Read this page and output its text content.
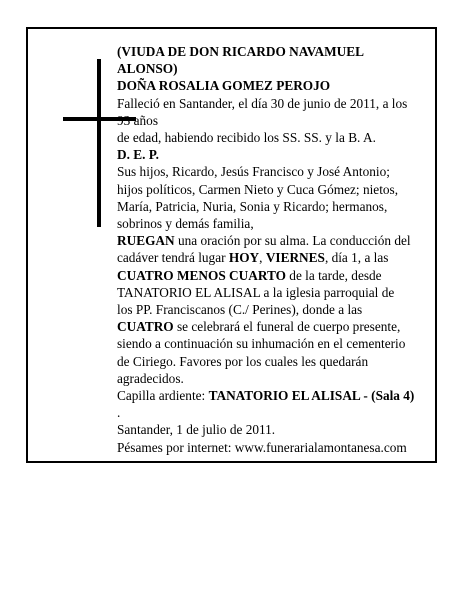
(VIUDA DE DON RICARDO NAVAMUEL
ALONSO)
DOÑA ROSALIA GOMEZ PEROJO
Falleció en Santander, el día 30 de junio de 2011, a los
93 años
de edad, habiendo recibido los SS. SS. y la B. A.
D. E. P.
Sus hijos, Ricardo, Jesús Francisco y José Antonio;
hijos políticos, Carmen Nieto y Cuca Gómez; nietos,
María, Patricia, Nuria, Sonia y Ricardo; hermanos,
sobrinos y demás familia,
RUEGAN una oración por su alma. La conducción del
cadáver tendrá lugar HOY, VIERNES, día 1, a las
CUATRO MENOS CUARTO de la tarde, desde
TANATORIO EL ALISAL a la iglesia parroquial de
los PP. Franciscanos (C./ Perines), donde a las
CUATRO se celebrará el funeral de cuerpo presente,
siendo a continuación su inhumación en el cementerio
de Ciriego. Favores por los cuales les quedarán
agradecidos.
Capilla ardiente: TANATORIO EL ALISAL - (Sala 4)
.
Santander, 1 de julio de 2011.
Pésames por internet: www.funerarialamontanesa.com
